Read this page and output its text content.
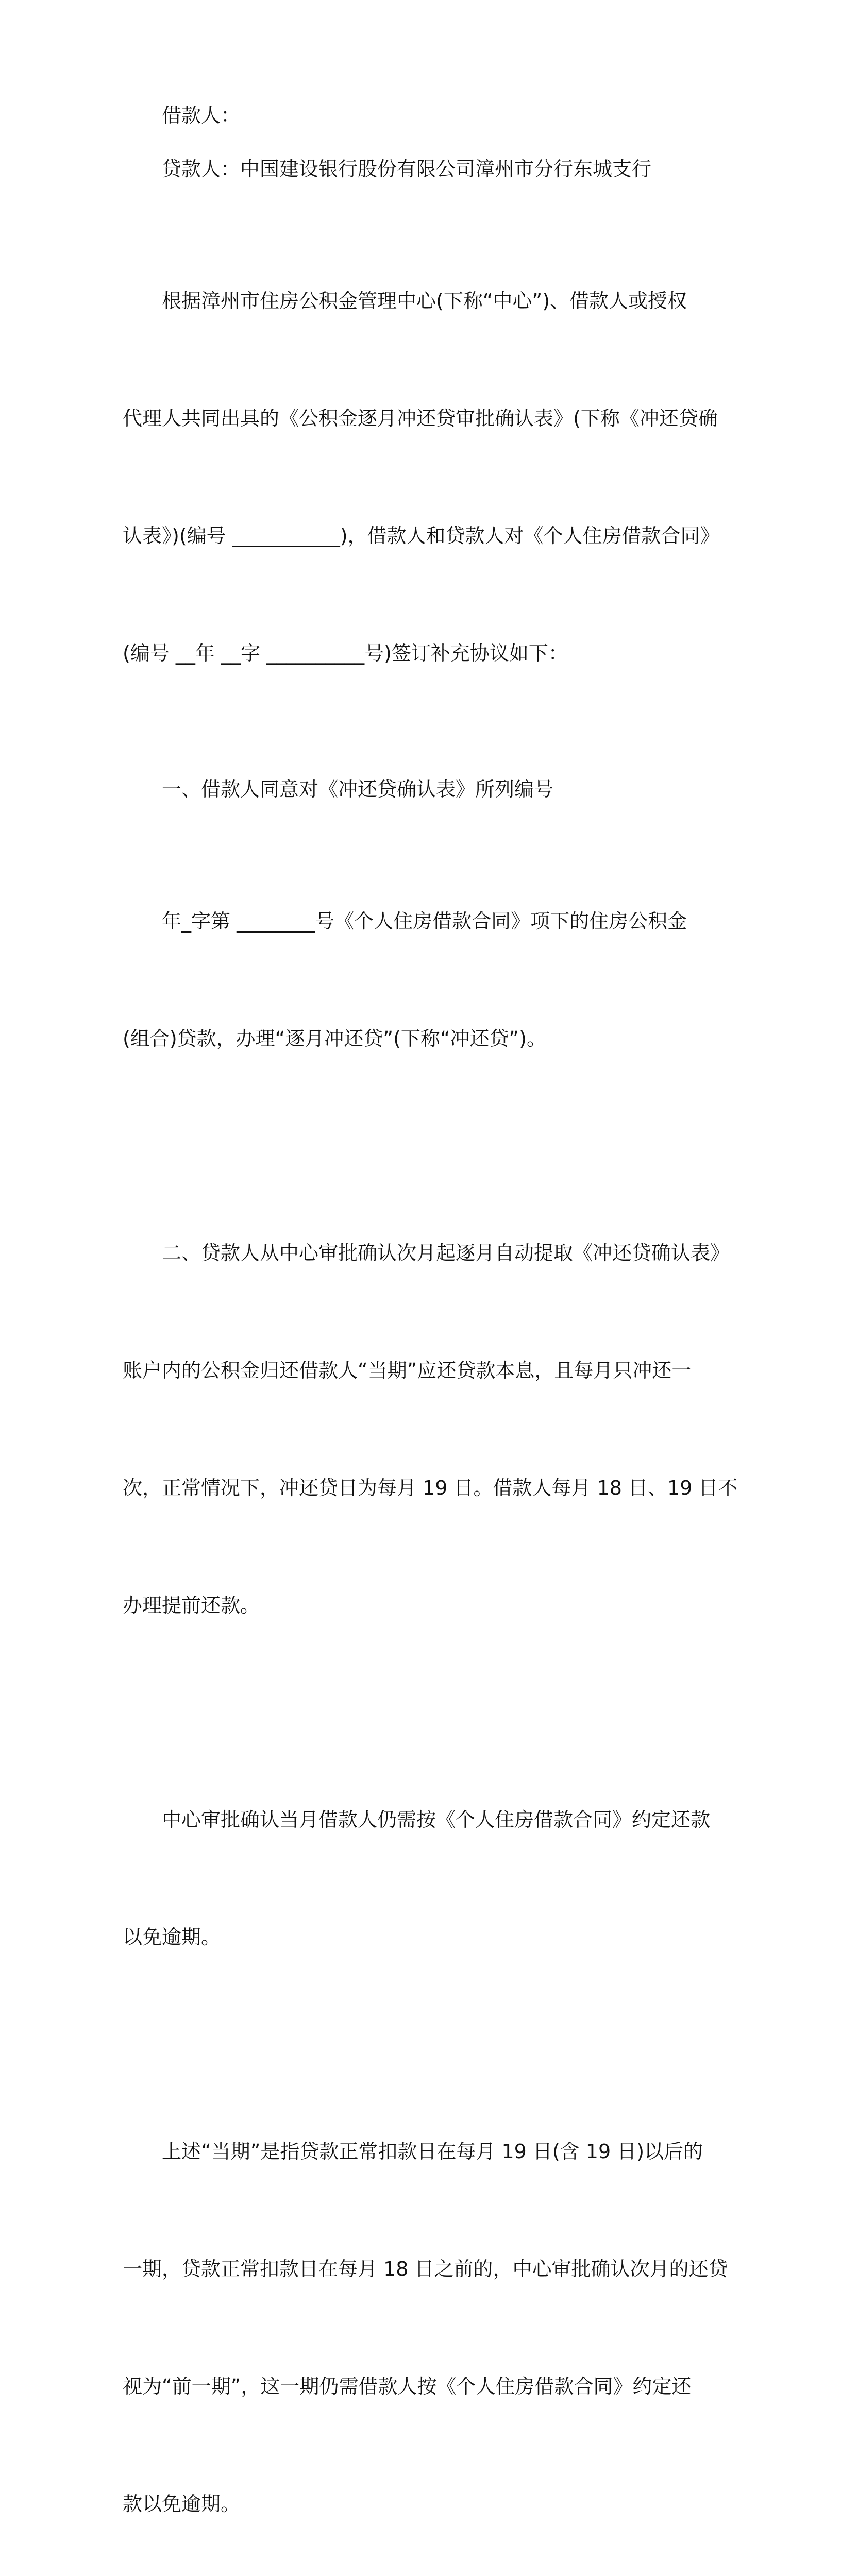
借款人：

贷款人：中国建设银行股份有限公司漳州市分行东城支行

根据漳州市住房公积金管理中心(下称“中心”)、借款人或授权

代理人共同出具的《公积金逐月冲还贷审批确认表》(下称《冲还贷确

认表》)(编号 ___________)，借款人和贷款人对《个人住房借款合同》

(编号 __年 __字 __________号)签订补充协议如下：

一、借款人同意对《冲还贷确认表》所列编号

年_字第 ________号《个人住房借款合同》项下的住房公积金

(组合)贷款，办理“逐月冲还贷”(下称“冲还贷”)。

二、贷款人从中心审批确认次月起逐月自动提取《冲还贷确认表》

账户内的公积金归还借款人“当期”应还贷款本息，且每月只冲还一

次，正常情况下，冲还贷日为每月 19 日。借款人每月 18 日、19 日不

办理提前还款。

中心审批确认当月借款人仍需按《个人住房借款合同》约定还款

以免逾期。

上述“当期”是指贷款正常扣款日在每月 19 日(含 19 日)以后的

一期，贷款正常扣款日在每月 18 日之前的，中心审批确认次月的还贷

视为“前一期”，这一期仍需借款人按《个人住房借款合同》约定还

款以免逾期。
